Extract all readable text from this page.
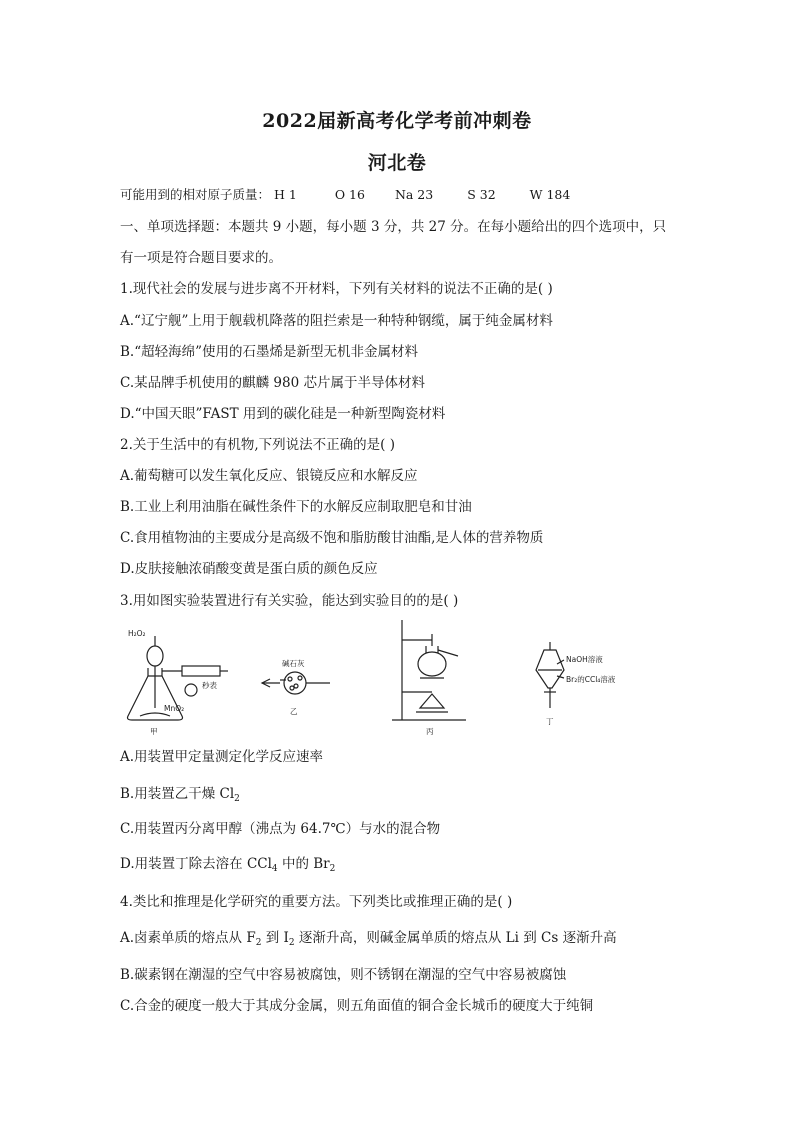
2022届新高考化学考前冲刺卷
河北卷
可能用到的相对原子质量： H 1	O 16 Na 23	S 32	W 184
一、单项选择题：本题共 9 小题，每小题 3 分，共 27 分。在每小题给出的四个选项中，只
有一项是符合题目要求的。
1.现代社会的发展与进步离不开材料，下列有关材料的说法不正确的是( )
A.“辽宁舰”上用于舰载机降落的阻拦索是一种特种钢缆，属于纯金属材料
B.“超轻海绵”使用的石墨烯是新型无机非金属材料
C.某品牌手机使用的麒麟 980 芯片属于半导体材料
D.“中国天眼”FAST 用到的碳化硅是一种新型陶瓷材料
2.关于生活中的有机物,下列说法不正确的是( )
A.葡萄糖可以发生氧化反应、银镜反应和水解反应
B.工业上利用油脂在碱性条件下的水解反应制取肥皂和甘油
C.食用植物油的主要成分是高级不饱和脂肪酸甘油酯,是人体的营养物质
D.皮肤接触浓硝酸变黄是蛋白质的颜色反应
3.用如图实验装置进行有关实验，能达到实验目的的是( )
H₂O₂
秒表
MnO₂
甲
碱石灰
乙
丙
NaOH溶液
Br₂的CCl₄溶液
丁
A.用装置甲定量测定化学反应速率
B.用装置乙干燥 $Cl_2$
C.用装置丙分离甲醇（沸点为 64.7℃）与水的混合物
D.用装置丁除去溶在 CCl$_4$ 中的 $Br_2$
4.类比和推理是化学研究的重要方法。下列类比或推理正确的是( )
A.卤素单质的熔点从 $F_2$ 到 $I_2$ 逐渐升高，则碱金属单质的熔点从 Li 到 Cs 逐渐升高
B.碳素钢在潮湿的空气中容易被腐蚀，则不锈钢在潮湿的空气中容易被腐蚀
C.合金的硬度一般大于其成分金属，则五角面值的铜合金长城币的硬度大于纯铜
